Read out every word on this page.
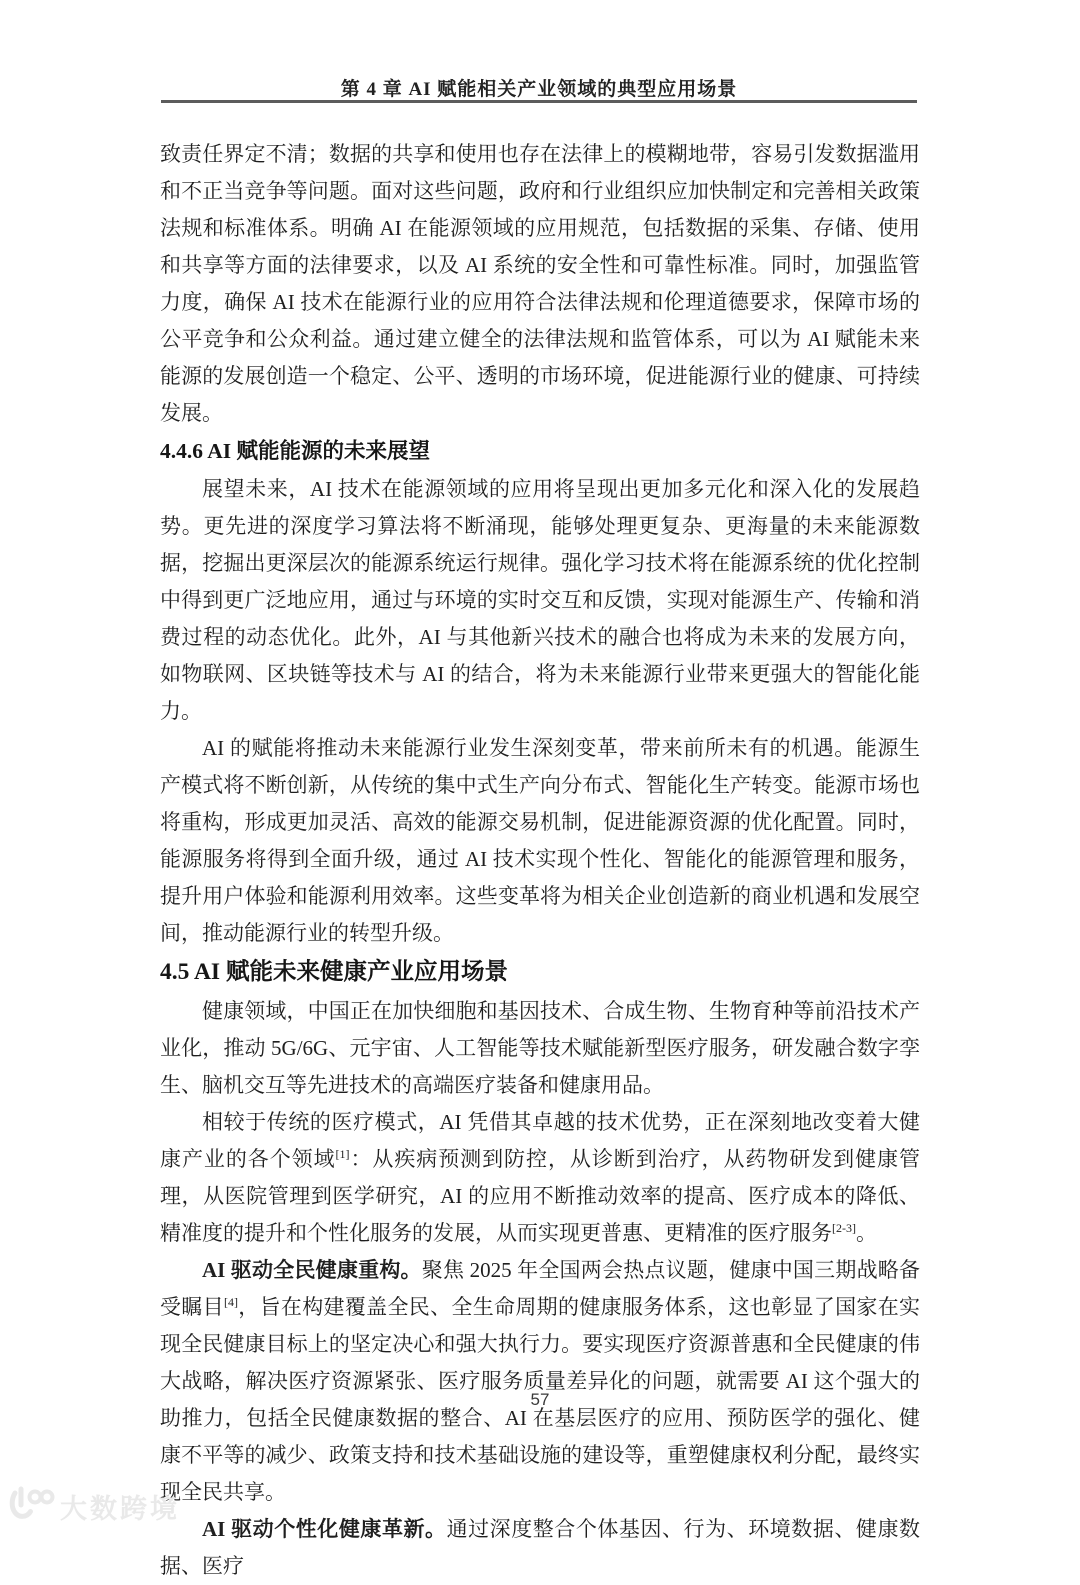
第 4 章 AI 赋能相关产业领域的典型应用场景

致责任界定不清；数据的共享和使用也存在法律上的模糊地带，容易引发数据滥用和不正当竞争等问题。面对这些问题，政府和行业组织应加快制定和完善相关政策法规和标准体系。明确 AI 在能源领域的应用规范，包括数据的采集、存储、使用和共享等方面的法律要求，以及 AI 系统的安全性和可靠性标准。同时，加强监管力度，确保 AI 技术在能源行业的应用符合法律法规和伦理道德要求，保障市场的公平竞争和公众利益。通过建立健全的法律法规和监管体系，可以为 AI 赋能未来能源的发展创造一个稳定、公平、透明的市场环境，促进能源行业的健康、可持续发展。

4.4.6 AI 赋能能源的未来展望

展望未来，AI 技术在能源领域的应用将呈现出更加多元化和深入化的发展趋势。更先进的深度学习算法将不断涌现，能够处理更复杂、更海量的未来能源数据，挖掘出更深层次的能源系统运行规律。强化学习技术将在能源系统的优化控制中得到更广泛地应用，通过与环境的实时交互和反馈，实现对能源生产、传输和消费过程的动态优化。此外，AI 与其他新兴技术的融合也将成为未来的发展方向，如物联网、区块链等技术与 AI 的结合，将为未来能源行业带来更强大的智能化能力。

AI 的赋能将推动未来能源行业发生深刻变革，带来前所未有的机遇。能源生产模式将不断创新，从传统的集中式生产向分布式、智能化生产转变。能源市场也将重构，形成更加灵活、高效的能源交易机制，促进能源资源的优化配置。同时，能源服务将得到全面升级，通过 AI 技术实现个性化、智能化的能源管理和服务，提升用户体验和能源利用效率。这些变革将为相关企业创造新的商业机遇和发展空间，推动能源行业的转型升级。

4.5 AI 赋能未来健康产业应用场景

健康领域，中国正在加快细胞和基因技术、合成生物、生物育种等前沿技术产业化，推动 5G/6G、元宇宙、人工智能等技术赋能新型医疗服务，研发融合数字孪生、脑机交互等先进技术的高端医疗装备和健康用品。

相较于传统的医疗模式，AI 凭借其卓越的技术优势，正在深刻地改变着大健康产业的各个领域[1]：从疾病预测到防控，从诊断到治疗，从药物研发到健康管理，从医院管理到医学研究，AI 的应用不断推动效率的提高、医疗成本的降低、精准度的提升和个性化服务的发展，从而实现更普惠、更精准的医疗服务[2-3]。

AI 驱动全民健康重构。聚焦 2025 年全国两会热点议题，健康中国三期战略备受瞩目[4]，旨在构建覆盖全民、全生命周期的健康服务体系，这也彰显了国家在实现全民健康目标上的坚定决心和强大执行力。要实现医疗资源普惠和全民健康的伟大战略，解决医疗资源紧张、医疗服务质量差异化的问题，就需要 AI 这个强大的助推力，包括全民健康数据的整合、AI 在基层医疗的应用、预防医学的强化、健康不平等的减少、政策支持和技术基础设施的建设等，重塑健康权利分配，最终实现全民共享。

AI 驱动个性化健康革新。通过深度整合个体基因、行为、环境数据、健康数据、医疗

57
大数跨境
